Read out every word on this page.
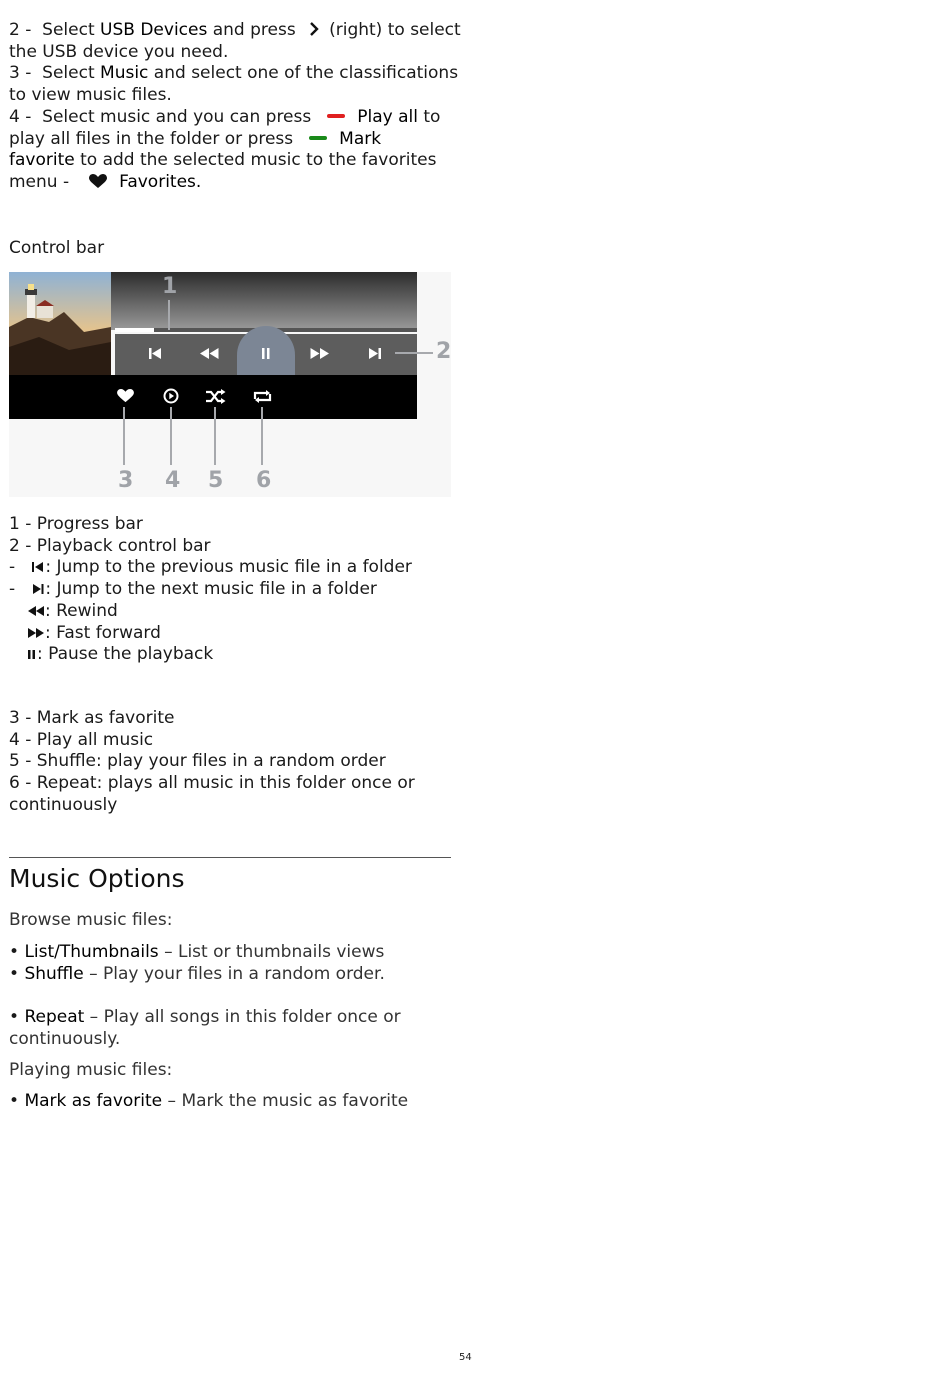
2 - Select USB Devices and press (right) to select

the USB device you need.

3 - Select Music and select one of the classifications

to view music files.

4 - Select music and you can press	Play all to

play all files in the folder or press	Mark

favorite to add the selected music to the favorites

menu -	Favorites.

Control bar
1
2
3 4 5 6

1 - Progress bar

2 - Playback control bar

- : Jump to the previous music file in a folder

- : Jump to the next music file in a folder

: Rewind

: Fast forward

: Pause the playback

3 - Mark as favorite

4 - Play all music

5 - Shuffle: play your files in a random order

6 - Repeat: plays all music in this folder once or

continuously

Music Options

Browse music files:

• List/Thumbnails – List or thumbnails views

• Shuffle – Play your files in a random order.

• Repeat – Play all songs in this folder once or

continuously.

Playing music files:

• Mark as favorite – Mark the music as favorite

54
